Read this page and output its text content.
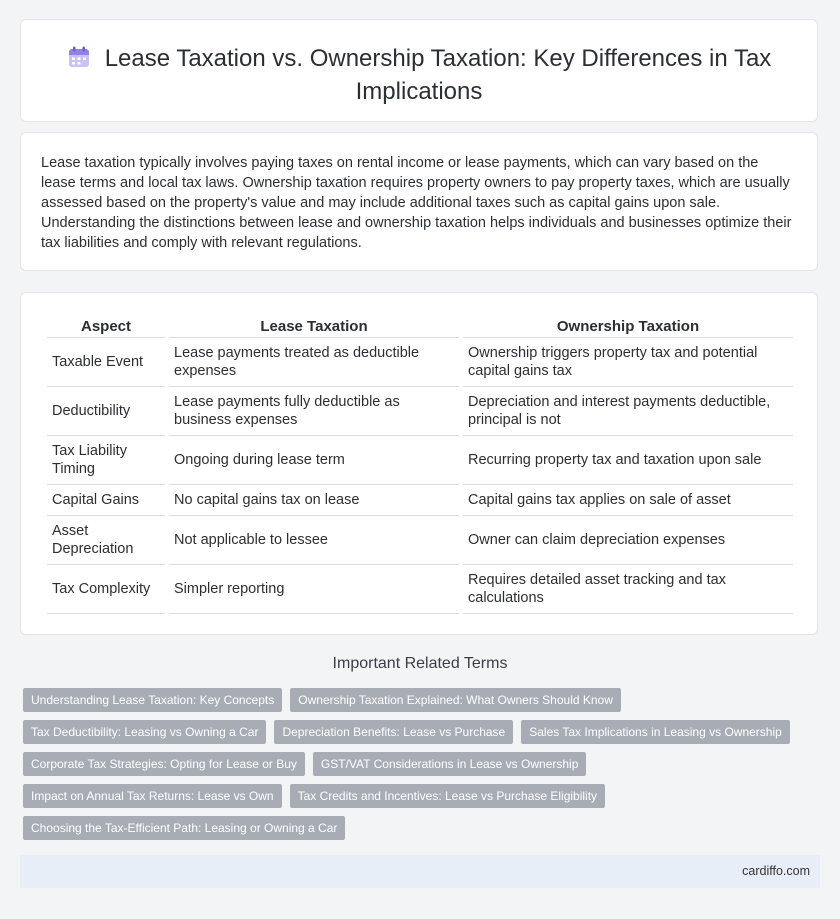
Lease Taxation vs. Ownership Taxation: Key Differences in Tax Implications

Lease taxation typically involves paying taxes on rental income or lease payments, which can vary based on the lease terms and local tax laws. Ownership taxation requires property owners to pay property taxes, which are usually assessed based on the property's value and may include additional taxes such as capital gains upon sale. Understanding the distinctions between lease and ownership taxation helps individuals and businesses optimize their tax liabilities and comply with relevant regulations.

Aspect	Lease Taxation	Ownership Taxation
Taxable Event	Lease payments treated as deductible expenses	Ownership triggers property tax and potential capital gains tax
Deductibility	Lease payments fully deductible as business expenses	Depreciation and interest payments deductible, principal is not
Tax Liability Timing	Ongoing during lease term	Recurring property tax and taxation upon sale
Capital Gains	No capital gains tax on lease	Capital gains tax applies on sale of asset
Asset Depreciation	Not applicable to lessee	Owner can claim depreciation expenses
Tax Complexity	Simpler reporting	Requires detailed asset tracking and tax calculations
Important Related Terms
Understanding Lease Taxation: Key Concepts	Ownership Taxation Explained: What Owners Should Know
Tax Deductibility: Leasing vs Owning a Car	Depreciation Benefits: Lease vs Purchase	Sales Tax Implications in Leasing vs Ownership
Corporate Tax Strategies: Opting for Lease or Buy	GST/VAT Considerations in Lease vs Ownership
Impact on Annual Tax Returns: Lease vs Own	Tax Credits and Incentives: Lease vs Purchase Eligibility
Choosing the Tax-Efficient Path: Leasing or Owning a Car
cardiffo.com
